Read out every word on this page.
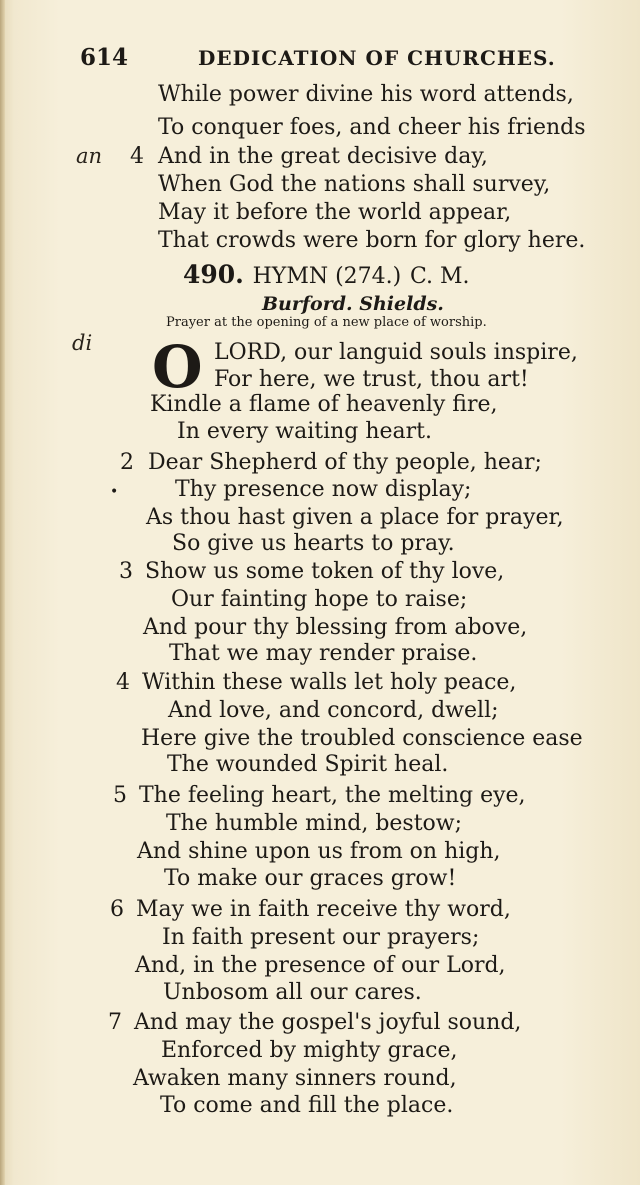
614	DEDICATION OF CHURCHES.
While power divine his word attends,
To conquer foes, and cheer his friends
an 4 And in the great decisive day,
When God the nations shall survey,
May it before the world appear,
That crowds were born for glory here.
490. HYMN (274.) C. M.
Burford. Shields.
Prayer at the opening of a new place of worship.
di O LORD, our languid souls inspire,
For here, we trust, thou art!
Kindle a flame of heavenly fire,
In every waiting heart.
2 Dear Shepherd of thy people, hear;
•	Thy presence now display;
As thou hast given a place for prayer,
So give us hearts to pray.
3 Show us some token of thy love,
Our fainting hope to raise;
And pour thy blessing from above,
That we may render praise.
4 Within these walls let holy peace,
And love, and concord, dwell;
Here give the troubled conscience ease
The wounded Spirit heal.
5 The feeling heart, the melting eye,
The humble mind, bestow;
And shine upon us from on high,
To make our graces grow!
6 May we in faith receive thy word,
In faith present our prayers;
And, in the presence of our Lord,
Unbosom all our cares.
7 And may the gospel's joyful sound,
Enforced by mighty grace,
Awaken many sinners round,
To come and fill the place.
